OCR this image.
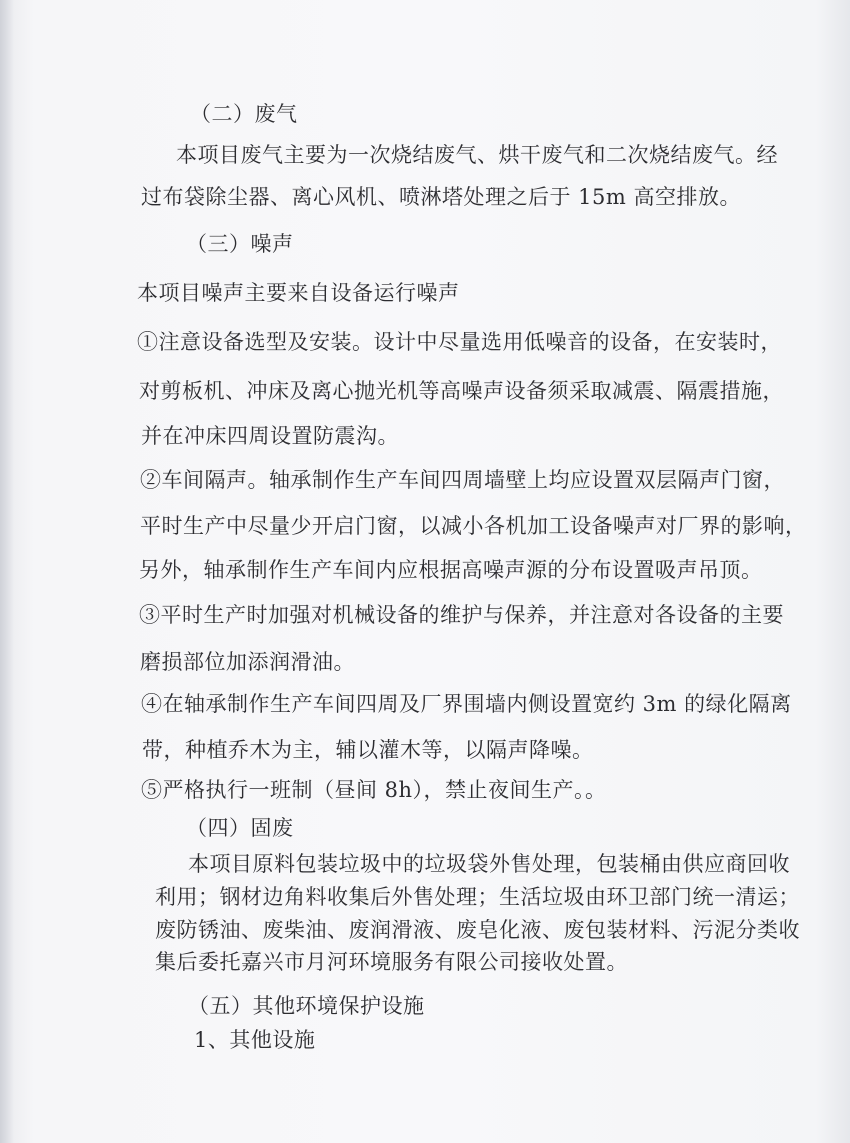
（二）废气
本项目废气主要为一次烧结废气、烘干废气和二次烧结废气。经
过布袋除尘器、离心风机、喷淋塔处理之后于 15m 高空排放。
（三）噪声
本项目噪声主要来自设备运行噪声
①注意设备选型及安装。设计中尽量选用低噪音的设备，在安装时，
对剪板机、冲床及离心抛光机等高噪声设备须采取减震、隔震措施，
并在冲床四周设置防震沟。
②车间隔声。轴承制作生产车间四周墙壁上均应设置双层隔声门窗，
平时生产中尽量少开启门窗，以减小各机加工设备噪声对厂界的影响，
另外，轴承制作生产车间内应根据高噪声源的分布设置吸声吊顶。
③平时生产时加强对机械设备的维护与保养，并注意对各设备的主要
磨损部位加添润滑油。
④在轴承制作生产车间四周及厂界围墙内侧设置宽约 3m 的绿化隔离
带，种植乔木为主，辅以灌木等，以隔声降噪。
⑤严格执行一班制（昼间 8h），禁止夜间生产。。
（四）固废
本项目原料包装垃圾中的垃圾袋外售处理，包装桶由供应商回收
利用；钢材边角料收集后外售处理；生活垃圾由环卫部门统一清运；
废防锈油、废柴油、废润滑液、废皂化液、废包装材料、污泥分类收
集后委托嘉兴市月河环境服务有限公司接收处置。
（五）其他环境保护设施
1、其他设施
